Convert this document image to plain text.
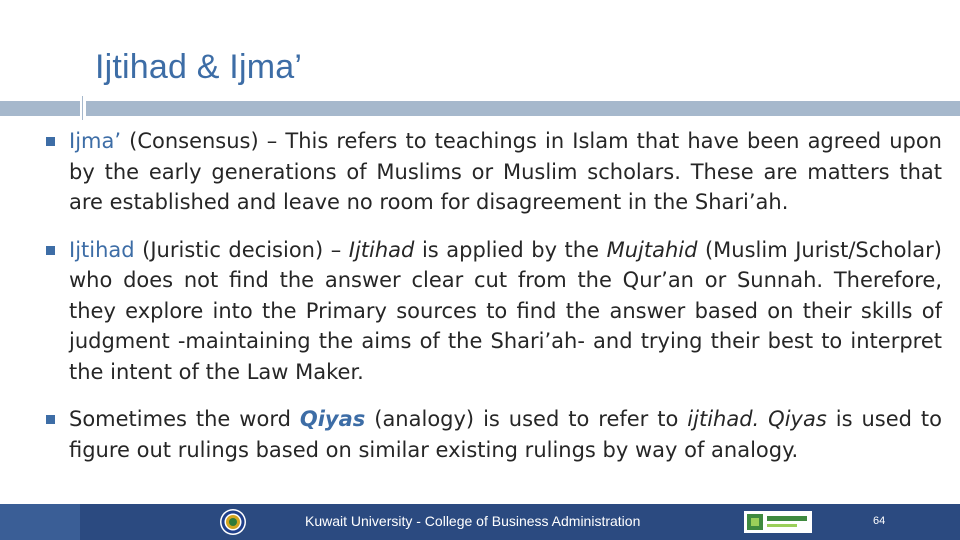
Ijtihad & Ijma’
Ijma’ (Consensus) – This refers to teachings in Islam that have been agreed upon by the early generations of Muslims or Muslim scholars. These are matters that are established and leave no room for disagreement in the Shari’ah.
Ijtihad (Juristic decision) – Ijtihad is applied by the Mujtahid (Muslim Jurist/Scholar) who does not find the answer clear cut from the Qur’an or Sunnah. Therefore, they explore into the Primary sources to find the answer based on their skills of judgment -maintaining the aims of the Shari’ah- and trying their best to interpret the intent of the Law Maker.
Sometimes the word Qiyas (analogy) is used to refer to ijtihad. Qiyas is used to figure out rulings based on similar existing rulings by way of analogy.
Kuwait University - College of Business Administration	64
